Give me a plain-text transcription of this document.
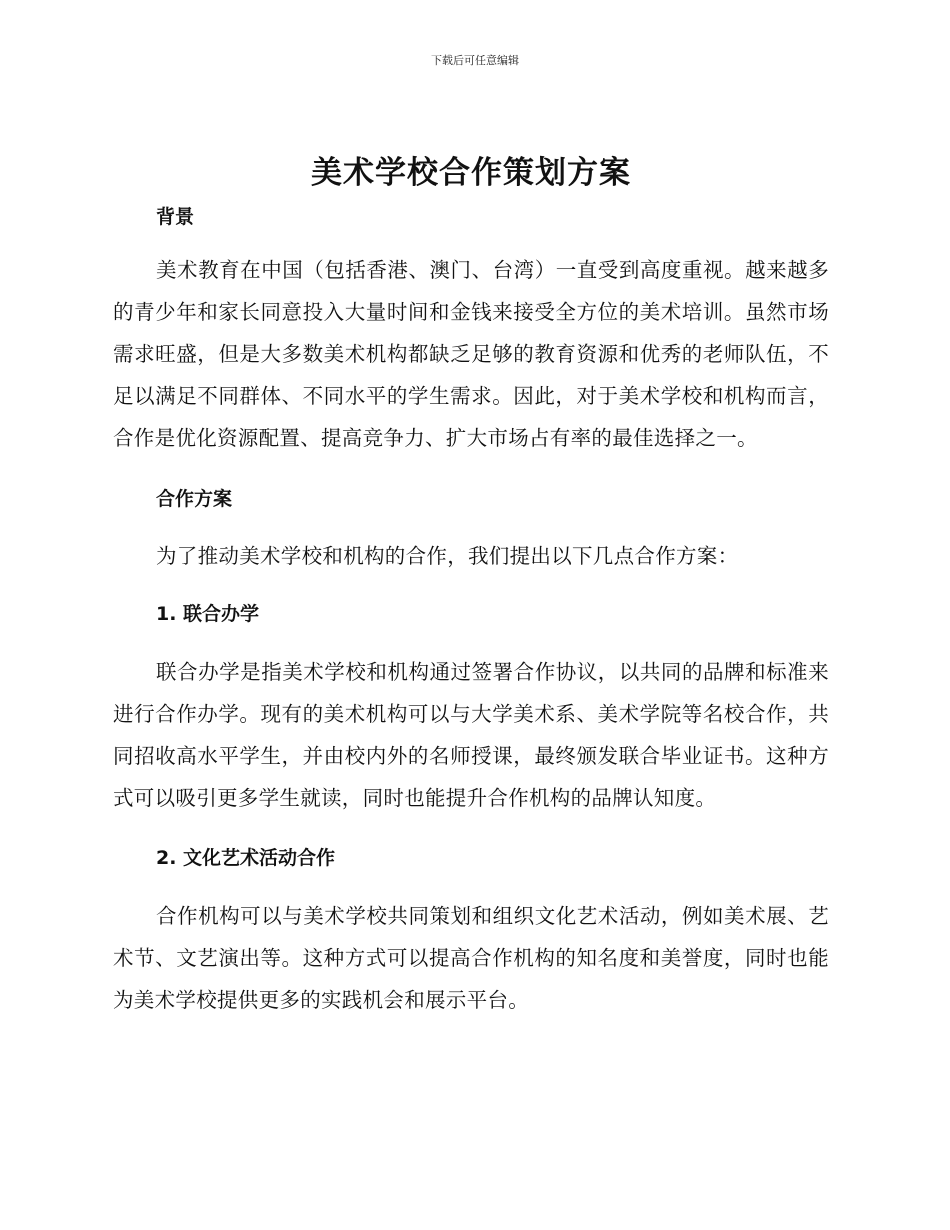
下载后可任意编辑
美术学校合作策划方案
背景

美术教育在中国（包括香港、澳门、台湾）一直受到高度重视。越来越多的青少年和家长同意投入大量时间和金钱来接受全方位的美术培训。虽然市场需求旺盛，但是大多数美术机构都缺乏足够的教育资源和优秀的老师队伍，不足以满足不同群体、不同水平的学生需求。因此，对于美术学校和机构而言，合作是优化资源配置、提高竞争力、扩大市场占有率的最佳选择之一。

合作方案

为了推动美术学校和机构的合作，我们提出以下几点合作方案：

1. 联合办学

联合办学是指美术学校和机构通过签署合作协议，以共同的品牌和标准来进行合作办学。现有的美术机构可以与大学美术系、美术学院等名校合作，共同招收高水平学生，并由校内外的名师授课，最终颁发联合毕业证书。这种方式可以吸引更多学生就读，同时也能提升合作机构的品牌认知度。

2. 文化艺术活动合作

合作机构可以与美术学校共同策划和组织文化艺术活动，例如美术展、艺术节、文艺演出等。这种方式可以提高合作机构的知名度和美誉度，同时也能为美术学校提供更多的实践机会和展示平台。
